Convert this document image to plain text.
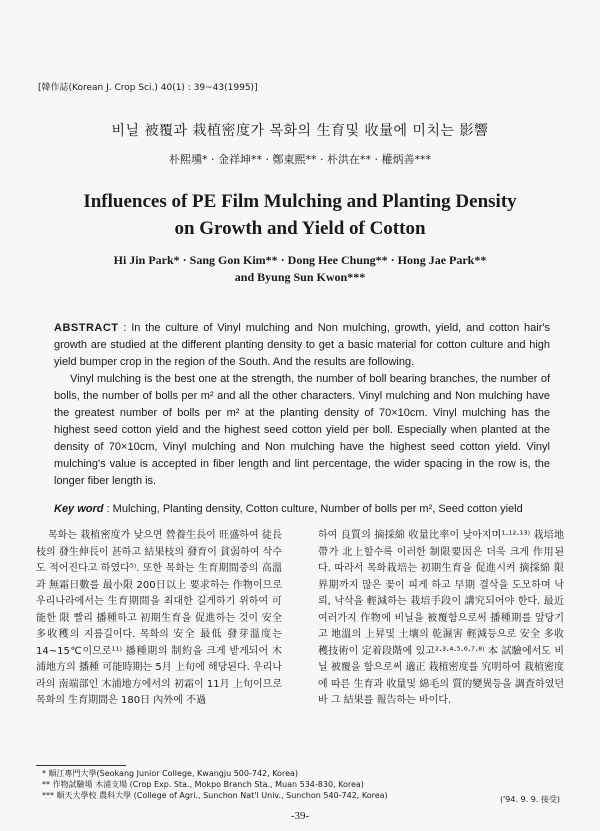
[韓作誌(Korean J. Crop Sci.) 40(1) : 39~43(1995)]
비닐 被覆과 栽植密度가 목화의 生育및 收量에 미치는 影響
朴熙壎* · 金祥坤** · 鄭東熙** · 朴洪在** · 權炳善***
Influences of PE Film Mulching and Planting Density
on Growth and Yield of Cotton
Hi Jin Park* · Sang Gon Kim** · Dong Hee Chung** · Hong Jae Park**
and Byung Sun Kwon***

ABSTRACT : In the culture of Vinyl mulching and Non mulching, growth, yield, and cotton hair's growth are studied at the different planting density to get a basic material for cotton culture and high yield bumper crop in the region of the South. And the results are following.

Vinyl mulching is the best one at the strength, the number of boll bearing branches, the number of bolls, the number of bolls per m² and all the other characters. Vinyl mulching and Non mulching have the greatest number of bolls per m² at the planting density of 70×10cm. Vinyl mulching has the highest seed cotton yield and the highest seed cotton yield per boll. Especially when planted at the density of 70×10cm, Vinyl mulching and Non mulching have the highest seed cotton yield. Vinyl mulching's value is accepted in fiber length and lint percentage, the wider spacing in the row is, the longer fiber length is.

Key word : Mulching, Planting density, Cotton culture, Number of bolls per m², Seed cotton yield
목화는 栽植密度가 낮으면 營養生長이 旺盛하여 徒長枝의 發生伸長이 甚하고 結果枝의 發育이 貧弱하여 삭수도 적어진다고 하였다⁵⁾. 또한 목화는 生育期間중의 高溫과 無霜日數를 最小限 200日以上 要求하는 作物이므로 우리나라에서는 生育期間을 최대한 길게하기 위하여 可能한 限 빨리 播種하고 初期生育을 促進하는 것이 安全 多收穫의 지름길이다. 목화의 安全 最低 發芽溫度는 14~15℃이므로¹¹⁾ 播種期의 制約을 크게 받게되어 木浦地方의 播種 可能時期는 5月 上旬에 해당된다. 우리나라의 南端部인 木浦地方에서의 初霜이 11月 上旬이므로 목화의 生育期間은 180日 內外에 不過
하여 良質의 摘採綿 收量比率이 낮아지며¹·¹²·¹³⁾ 栽培地帶가 北上할수록 이러한 制限要因은 더욱 크게 作用된다. 따라서 목화栽培는 初期生育을 促進시켜 摘採綿 限界期까지 많은 꽃이 피게 하고 早期 결삭을 도모하며 낙뢰, 낙삭을 輕減하는 栽培手段이 講究되어야 한다. 最近 여러가지 作物에 비닐을 被覆함으로써 播種期를 앞당기고 地溫의 上昇및 土壤의 乾濕害 輕減등으로 安全 多收穫技術이 定着段階에 있고²·³·⁴·⁵·⁶·⁷·⁸⁾ 本 試驗에서도 비닐 被覆을 함으로써 適正 栽植密度를 究明하여 栽植密度에 따른 生育과 收量및 綿毛의 質的變異등을 調査하였던바 그 結果를 報告하는 바이다.
* 順江專門大學(Seokang Junior College, Kwangju 500-742, Korea)
** 作物試驗場 木浦支場 (Crop Exp. Sta., Mokpo Branch Sta., Muan 534-830, Korea)
*** 順天大學校 農科大學 (College of Agri., Sunchon Nat'l Univ., Sunchon 540-742, Korea)	('94. 9. 9. 接受)
-39-
